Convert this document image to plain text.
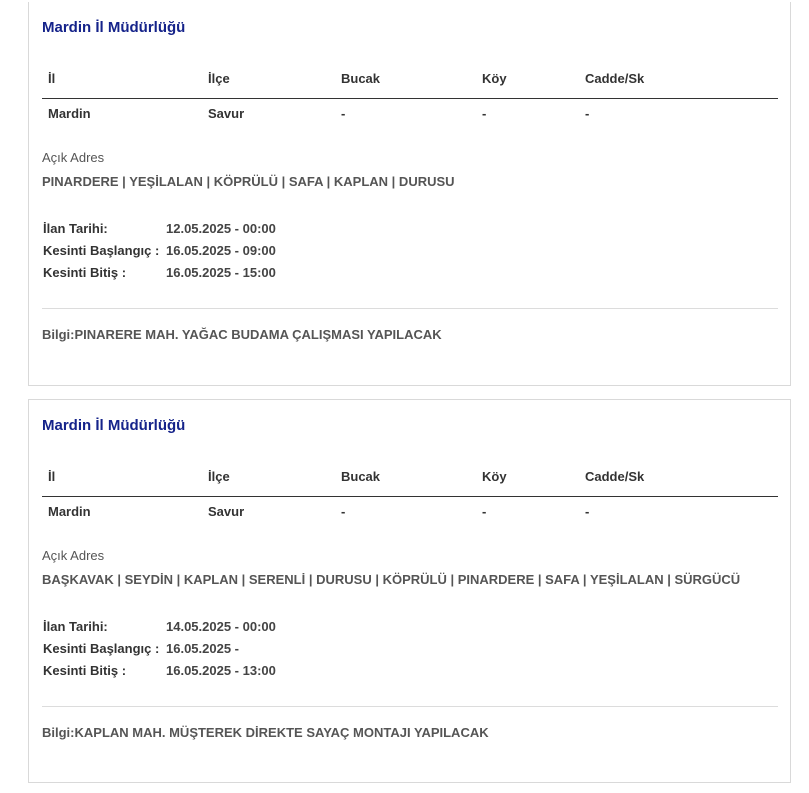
Mardin İl Müdürlüğü
İl	İlçe	Bucak	Köy	Cadde/Sk
Mardin	Savur	-	-	-
Açık Adres
PINARDERE | YEŞİLALAN | KÖPRÜLÜ | SAFA | KAPLAN | DURUSU
İlan Tarihi:	12.05.2025 - 00:00
Kesinti Başlangıç : 16.05.2025 - 09:00
Kesinti Bitiş :	16.05.2025 - 15:00
Bilgi:PINARERE MAH. YAĞAC BUDAMA ÇALIŞMASI YAPILACAK
Mardin İl Müdürlüğü
İl	İlçe	Bucak	Köy	Cadde/Sk
Mardin	Savur	-	-	-
Açık Adres
BAŞKAVAK | SEYDİN | KAPLAN | SERENLİ | DURUSU | KÖPRÜLÜ | PINARDERE | SAFA | YEŞİLALAN | SÜRGÜCÜ
İlan Tarihi:	14.05.2025 - 00:00
Kesinti Başlangıç : 16.05.2025 -
Kesinti Bitiş :	16.05.2025 - 13:00
Bilgi:KAPLAN MAH. MÜŞTEREK DİREKTE SAYAÇ MONTAJI YAPILACAK
